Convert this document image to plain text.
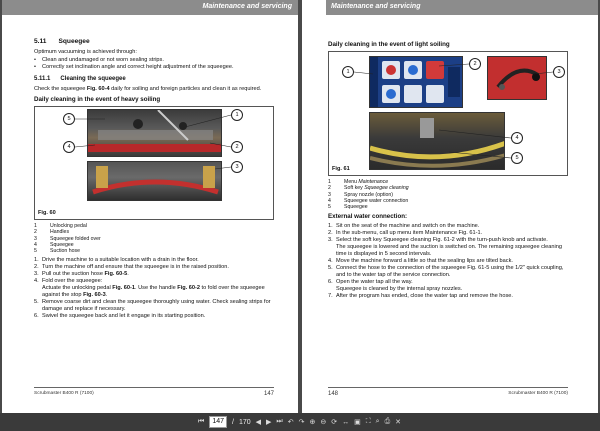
Maintenance and servicing
5.11 Squeegee

Optimum vacuuming is achieved through:

• Clean and undamaged or not worn sealing strips.
• Correctly set inclination angle and correct height adjustment of the squeegee.
5.11.1 Cleaning the squeegee

Check the squeegee Fig. 60-4 daily for soiling and foreign particles and clean it as required.

Daily cleaning in the event of heavy soiling
5
1
4	2
3
Fig. 60
1	Unlocking pedal
2	Handles
3	Squeegee folded over
4	Squeegee
5	Suction hose
1. Drive the machine to a suitable location with a drain in the floor.
2. Turn the machine off and ensure that the squeegee is in the raised position.
3. Pull out the suction hose Fig. 60-5.
4. Fold over the squeegee:
Actuate the unlocking pedal Fig. 60-1. Use the handle Fig. 60-2 to fold over the squeegee against the stop Fig. 60-3.
5. Remove coarse dirt and clean the squeegee thoroughly using water. Check sealing strips for damage and replace if necessary.
6. Swivel the squeegee back and let it engage in its starting position.
Scrubmaster B400 R (7100)	147
Maintenance and servicing
Daily cleaning in the event of light soiling
1
2
3
4
5
Fig. 61
1	Menu Maintenance
2	Soft key Squeegee cleaning
3	Spray nozzle (option)
4	Squeegee water connection
5	Squeegee
External water connection:
1. Sit on the seat of the machine and switch on the machine.
2. In the sub-menu, call up menu item Maintenance Fig. 61-1.
3. Select the soft key Squeegee cleaning Fig. 61-2 with the turn-push knob and activate.
The squeegee is lowered and the suction is switched on. The remaining squeegee cleaning time is displayed in 5 second intervals.
4. Move the machine forward a little so that the sealing lips are tilted back.
5. Connect the hose to the connection of the squeegee Fig. 61-5 using the 1/2" quick coupling, and to the water tap of the service connection.
6. Open the water tap all the way.
Squeegee is cleaned by the internal spray nozzles.
7. After the program has ended, close the water tap and remove the hose.
148	Scrubmaster B400 R (7100)
⏮	147	/ 170 ◀ ▶ ⏭ ↶ ↷ ⊕ ⊖ ⟳ ↔ ▣ ⛶ ⌕ ⎙ ✕
